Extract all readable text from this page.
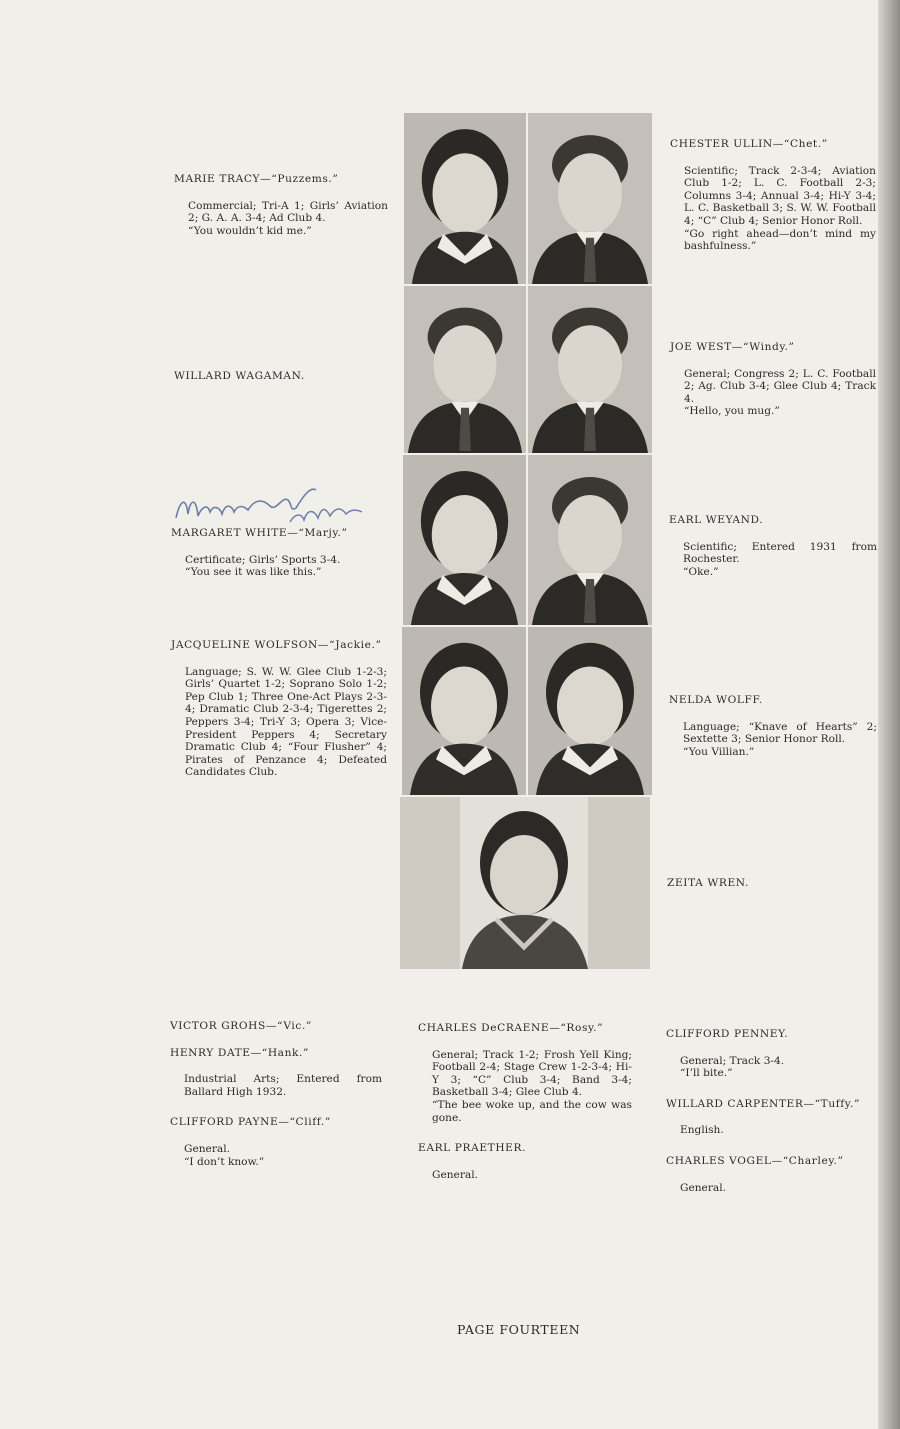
MARIE TRACY—“Puzzems.”

Commercial; Tri-A 1; Girls’ Aviation 2; G. A. A. 3-4; Ad Club 4.

“You wouldn’t kid me.”

CHESTER ULLIN—“Chet.”

Scientific; Track 2-3-4; Aviation Club 1-2; L. C. Football 2-3; Columns 3-4; Annual 3-4; Hi-Y 3-4; L. C. Basketball 3; S. W. W. Football 4; “C” Club 4; Senior Honor Roll.

“Go right ahead—don’t mind my bashfulness.”

WILLARD WAGAMAN.
JOE WEST—“Windy.”

General; Congress 2; L. C. Football 2; Ag. Club 3-4; Glee Club 4; Track 4.

“Hello, you mug.”

MARGARET WHITE—“Marjy.”

Certificate; Girls’ Sports 3-4.

“You see it was like this.”

EARL WEYAND.

Scientific; Entered 1931 from Rochester.

“Oke.”

JACQUELINE WOLFSON—“Jackie.”

Language; S. W. W. Glee Club 1-2-3; Girls’ Quartet 1-2; Soprano Solo 1-2; Pep Club 1; Three One-Act Plays 2-3-4; Dramatic Club 2-3-4; Tigerettes 2; Peppers 3-4; Tri-Y 3; Opera 3; Vice-President Peppers 4; Secretary Dramatic Club 4; “Four Flusher” 4; Pirates of Penzance 4; Defeated Candidates Club.

NELDA WOLFF.

Language; “Knave of Hearts” 2; Sextette 3; Senior Honor Roll.

“You Villian.”

ZEITA WREN.
VICTOR GROHS—“Vic.”
HENRY DATE—“Hank.”

Industrial Arts; Entered from Ballard High 1932.

CLIFFORD PAYNE—“Cliff.”

General.

“I don’t know.”

CHARLES DeCRAENE—“Rosy.”

General; Track 1-2; Frosh Yell King; Football 2-4; Stage Crew 1-2-3-4; Hi-Y 3; “C” Club 3-4; Band 3-4; Basketball 3-4; Glee Club 4.

“The bee woke up, and the cow was gone.

EARL PRAETHER.

General.

CLIFFORD PENNEY.

General; Track 3-4.

“I’ll bite.”

WILLARD CARPENTER—“Tuffy.”

English.

CHARLES VOGEL—“Charley.”

General.

PAGE FOURTEEN
